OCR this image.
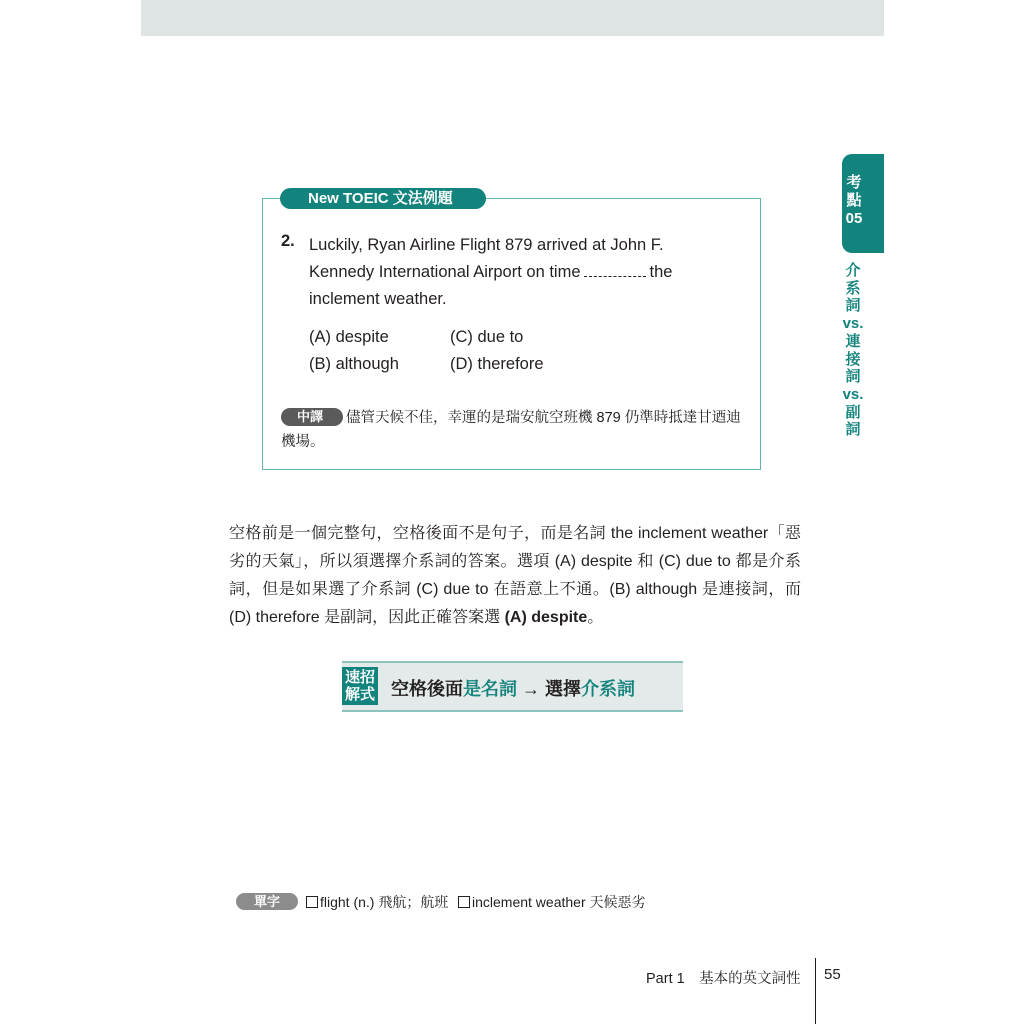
考
點
05
介
系
詞
vs.
連
接
詞
vs.
副
詞
New TOEIC 文法例題
2. Luckily, Ryan Airline Flight 879 arrived at John F.
Kennedy International Airport on time	the
inclement weather.
(A) despite	(C) due to
(B) although	(D) therefore
儘管天候不佳，幸運的是瑞安航空班機 879 仍準時抵達甘迺迪機場。
中譯
空格前是一個完整句，空格後面不是句子，而是名詞 the inclement weather「惡劣的天氣」，所以須選擇介系詞的答案。選項 (A) despite 和 (C) due to 都是介系詞，但是如果選了介系詞 (C) due to 在語意上不通。(B) although 是連接詞，而 (D) therefore 是副詞，因此正確答案選 (A) despite。
速招
解式 空格後面是名詞 → 選擇介系詞
單字	flight (n.) 飛航；航班	inclement weather 天候惡劣
Part 1　基本的英文詞性 55
